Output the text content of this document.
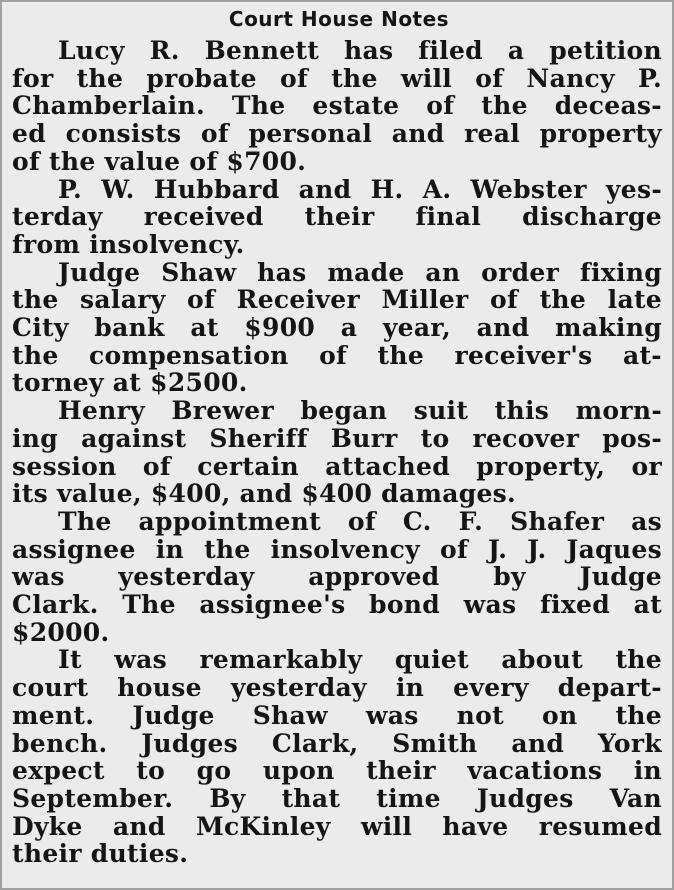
Court House Notes
Lucy R. Bennett has filed a petition
for the probate of the will of Nancy P.
Chamberlain. The estate of the deceas-
ed consists of personal and real property
of the value of $700.
P. W. Hubbard and H. A. Webster yes-
terday received their final discharge
from insolvency.
Judge Shaw has made an order fixing
the salary of Receiver Miller of the late
City bank at $900 a year, and making
the compensation of the receiver's at-
torney at $2500.
Henry Brewer began suit this morn-
ing against Sheriff Burr to recover pos-
session of certain attached property, or
its value, $400, and $400 damages.
The appointment of C. F. Shafer as
assignee in the insolvency of J. J. Jaques
was yesterday approved by Judge
Clark. The assignee's bond was fixed at
$2000.
It was remarkably quiet about the
court house yesterday in every depart-
ment. Judge Shaw was not on the
bench. Judges Clark, Smith and York
expect to go upon their vacations in
September. By that time Judges Van
Dyke and McKinley will have resumed
their duties.
